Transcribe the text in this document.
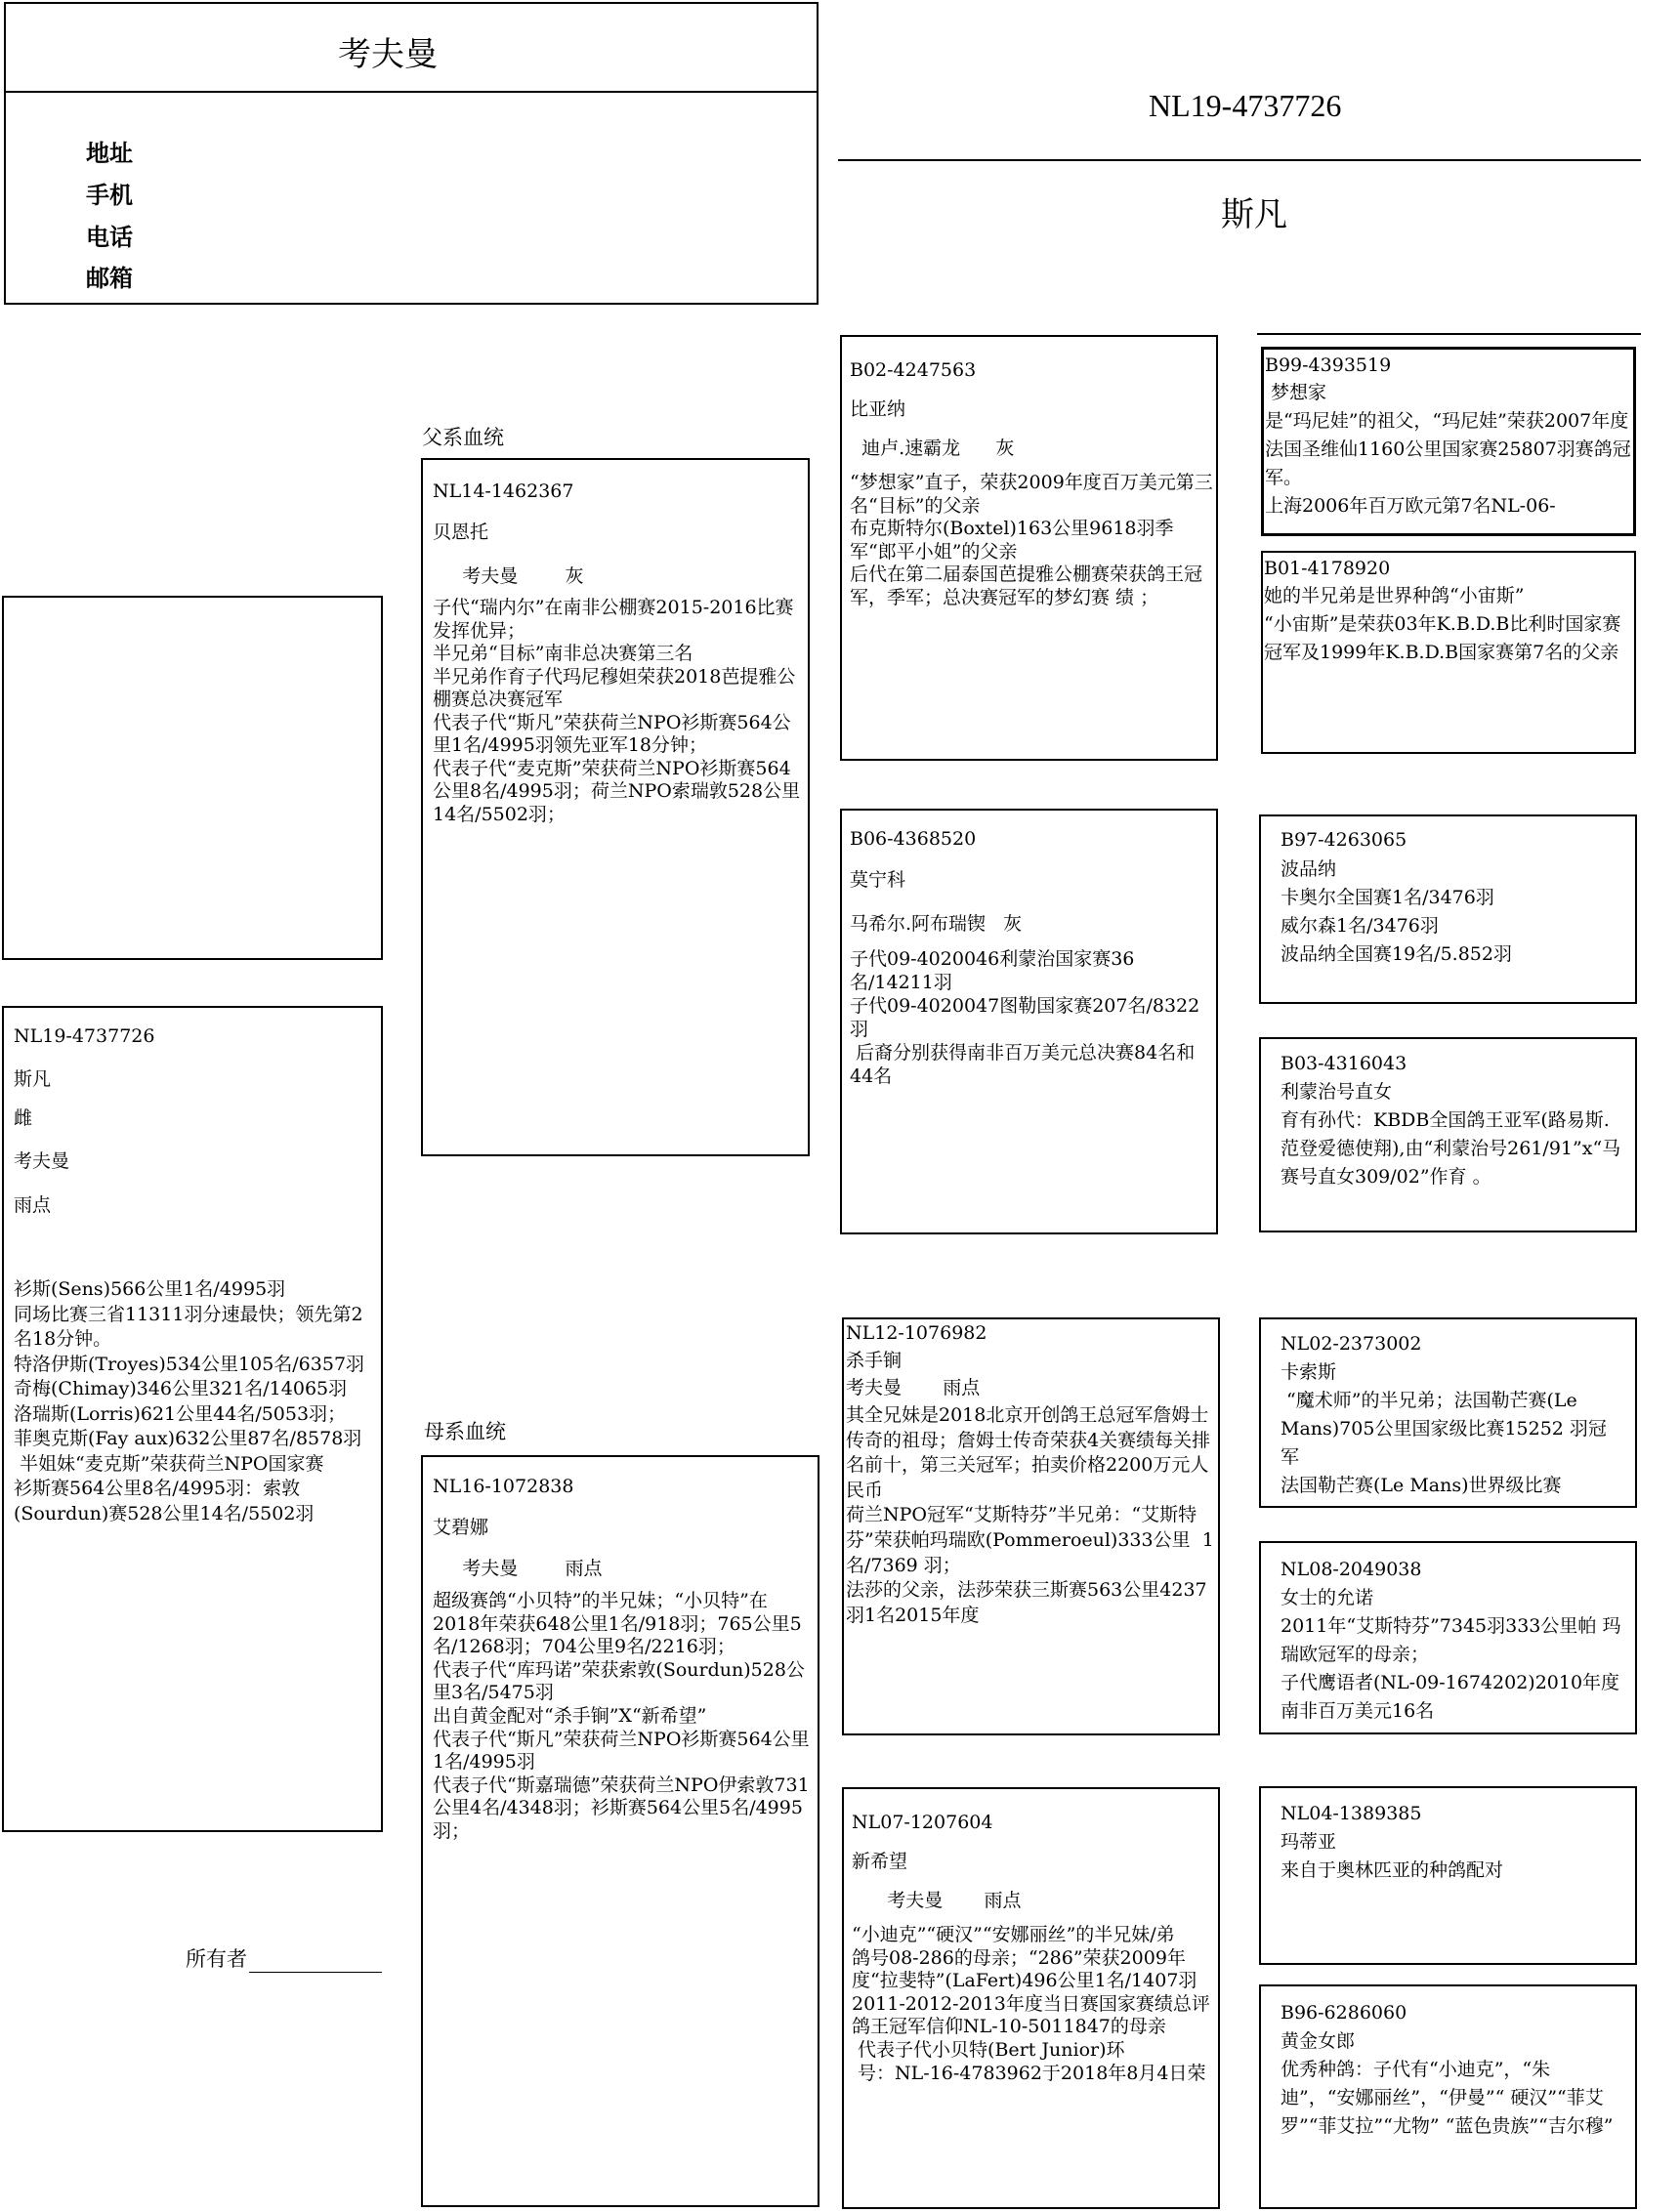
考夫曼
地址
手机
电话
邮箱
NL19-4737726
斯凡
NL19-4737726
斯凡
雌
考夫曼
雨点
衫斯(Sens)566公里1名/4995羽
同场比赛三省11311羽分速最快；领先第2名18分钟。
特洛伊斯(Troyes)534公里105名/6357羽
奇梅(Chimay)346公里321名/14065羽
洛瑞斯(Lorris)621公里44名/5053羽；
菲奥克斯(Fay aux)632公里87名/8578羽
半姐妹“麦克斯”荣获荷兰NPO国家赛
衫斯赛564公里8名/4995羽：索敦
(Sourdun)赛528公里14名/5502羽
所有者
父系血统
母系血统
NL14-1462367
贝恩托
考夫曼        灰
子代“瑞内尔”在南非公棚赛2015-2016比赛发挥优异；
半兄弟“目标”南非总决赛第三名
半兄弟作育子代玛尼穆妲荣获2018芭提雅公棚赛总决赛冠军
代表子代“斯凡”荣获荷兰NPO衫斯赛564公里1名/4995羽领先亚军18分钟；
代表子代“麦克斯”荣获荷兰NPO衫斯赛564公里8名/4995羽；荷兰NPO索瑞敦528公里14名/5502羽；
NL16-1072838
艾碧娜
考夫曼        雨点
超级赛鸽“小贝特”的半兄妹；“小贝特”在2018年荣获648公里1名/918羽；765公里5名/1268羽；704公里9名/2216羽；
代表子代“库玛诺”荣获索敦(Sourdun)528公里3名/5475羽
出自黄金配对“杀手锏”X“新希望”
代表子代“斯凡”荣获荷兰NPO衫斯赛564公里1名/4995羽
代表子代“斯嘉瑞德”荣获荷兰NPO伊索敦731公里4名/4348羽；衫斯赛564公里5名/4995羽；
B02-4247563
比亚纳
迪卢.速霸龙      灰
“梦想家”直子，荣获2009年度百万美元第三名“目标”的父亲
布克斯特尔(Boxtel)163公里9618羽季军“郎平小姐”的父亲
后代在第二届泰国芭提雅公棚赛荣获鸽王冠军，季军；总决赛冠军的梦幻赛 绩 ；
B06-4368520
莫宁科
马希尔.阿布瑞锲   灰
子代09-4020046利蒙治国家赛36名/14211羽
子代09-4020047图勒国家赛207名/8322羽
后裔分别获得南非百万美元总决赛84名和44名
NL12-1076982
杀手锏
考夫曼       雨点
其全兄妹是2018北京开创鸽王总冠军詹姆士传奇的祖母；詹姆士传奇荣获4关赛绩每关排名前十，第三关冠军；拍卖价格2200万元人民币
荷兰NPO冠军“艾斯特芬”半兄弟：“艾斯特芬”荣获帕玛瑞欧(Pommeroeul)333公里  1名/7369 羽；
法莎的父亲，法莎荣获三斯赛563公里4237羽1名2015年度
NL07-1207604
新希望
考夫曼       雨点
“小迪克”“硬汉”“安娜丽丝”的半兄妹/弟
鸽号08-286的母亲；“286”荣获2009年度“拉斐特”(LaFert)496公里1名/1407羽
2011-2012-2013年度当日赛国家赛绩总评鸽王冠军信仰NL-10-5011847的母亲
代表子代小贝特(Bert Junior)环
号：NL-16-4783962于2018年8月4日荣
B99-4393519
梦想家
是“玛尼娃”的祖父，“玛尼娃”荣获2007年度法国圣维仙1160公里国家赛25807羽赛鸽冠军。
上海2006年百万欧元第7名NL-06-
B01-4178920
她的半兄弟是世界种鸽“小宙斯”
“小宙斯”是荣获03年K.B.D.B比利时国家赛冠军及1999年K.B.D.B国家赛第7名的父亲
B97-4263065
波品纳
卡奥尔全国赛1名/3476羽
威尔森1名/3476羽
波品纳全国赛19名/5.852羽
B03-4316043
利蒙治号直女
育有孙代：KBDB全国鸽王亚军(路易斯.范登爱德使翔),由“利蒙治号261/91”x“马赛号直女309/02”作育 。
NL02-2373002
卡索斯
“魔术师”的半兄弟；法国勒芒赛(Le Mans)705公里国家级比赛15252 羽冠军
法国勒芒赛(Le Mans)世界级比赛
NL08-2049038
女士的允诺
2011年“艾斯特芬”7345羽333公里帕 玛瑞欧冠军的母亲；
子代鹰语者(NL-09-1674202)2010年度南非百万美元16名
NL04-1389385
玛蒂亚
来自于奥林匹亚的种鸽配对
B96-6286060
黄金女郎
优秀种鸽：子代有“小迪克”，“朱迪”，“安娜丽丝”，“伊曼”“ 硬汉”“菲艾罗”“菲艾拉”“尤物” “蓝色贵族”“吉尔穆”
